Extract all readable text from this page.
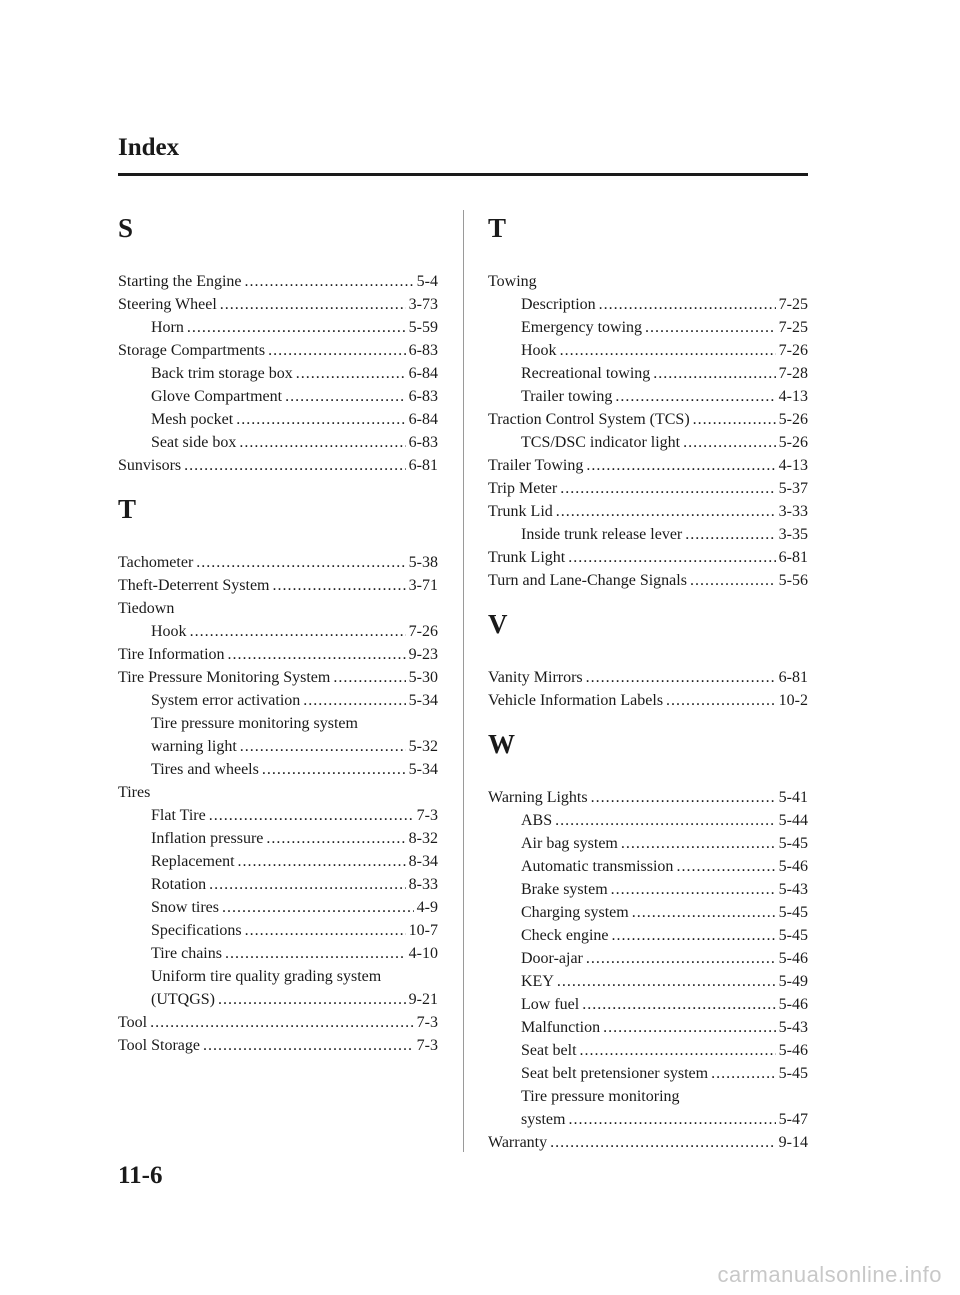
Index
S
Starting the Engine .....	5-4
Steering Wheel .....	3-73
Horn .....	5-59
Storage Compartments .....	6-83
Back trim storage box .....	6-84
Glove Compartment .....	6-83
Mesh pocket .....	6-84
Seat side box .....	6-83
Sunvisors .....	6-81
T
Tachometer .....	5-38
Theft-Deterrent System .....	3-71
Tiedown
Hook .....	7-26
Tire Information .....	9-23
Tire Pressure Monitoring System .....	5-30
System error activation .....	5-34
Tire pressure monitoring system
warning light .....	5-32
Tires and wheels .....	5-34
Tires
Flat Tire .....	7-3
Inflation pressure .....	8-32
Replacement .....	8-34
Rotation .....	8-33
Snow tires .....	4-9
Specifications .....	10-7
Tire chains .....	4-10
Uniform tire quality grading system
(UTQGS) .....	9-21
Tool .....	7-3
Tool Storage .....	7-3
T
Towing
Description .....	7-25
Emergency towing .....	7-25
Hook .....	7-26
Recreational towing .....	7-28
Trailer towing .....	4-13
Traction Control System (TCS) .....	5-26
TCS/DSC indicator light .....	5-26
Trailer Towing .....	4-13
Trip Meter .....	5-37
Trunk Lid .....	3-33
Inside trunk release lever .....	3-35
Trunk Light .....	6-81
Turn and Lane-Change Signals .....	5-56
V
Vanity Mirrors .....	6-81
Vehicle Information Labels .....	10-2
W
Warning Lights .....	5-41
ABS .....	5-44
Air bag system .....	5-45
Automatic transmission .....	5-46
Brake system .....	5-43
Charging system .....	5-45
Check engine .....	5-45
Door-ajar .....	5-46
KEY .....	5-49
Low fuel .....	5-46
Malfunction .....	5-43
Seat belt .....	5-46
Seat belt pretensioner system .....	5-45
Tire pressure monitoring
system .....	5-47
Warranty .....	9-14
11-6
carmanualsonline.info
